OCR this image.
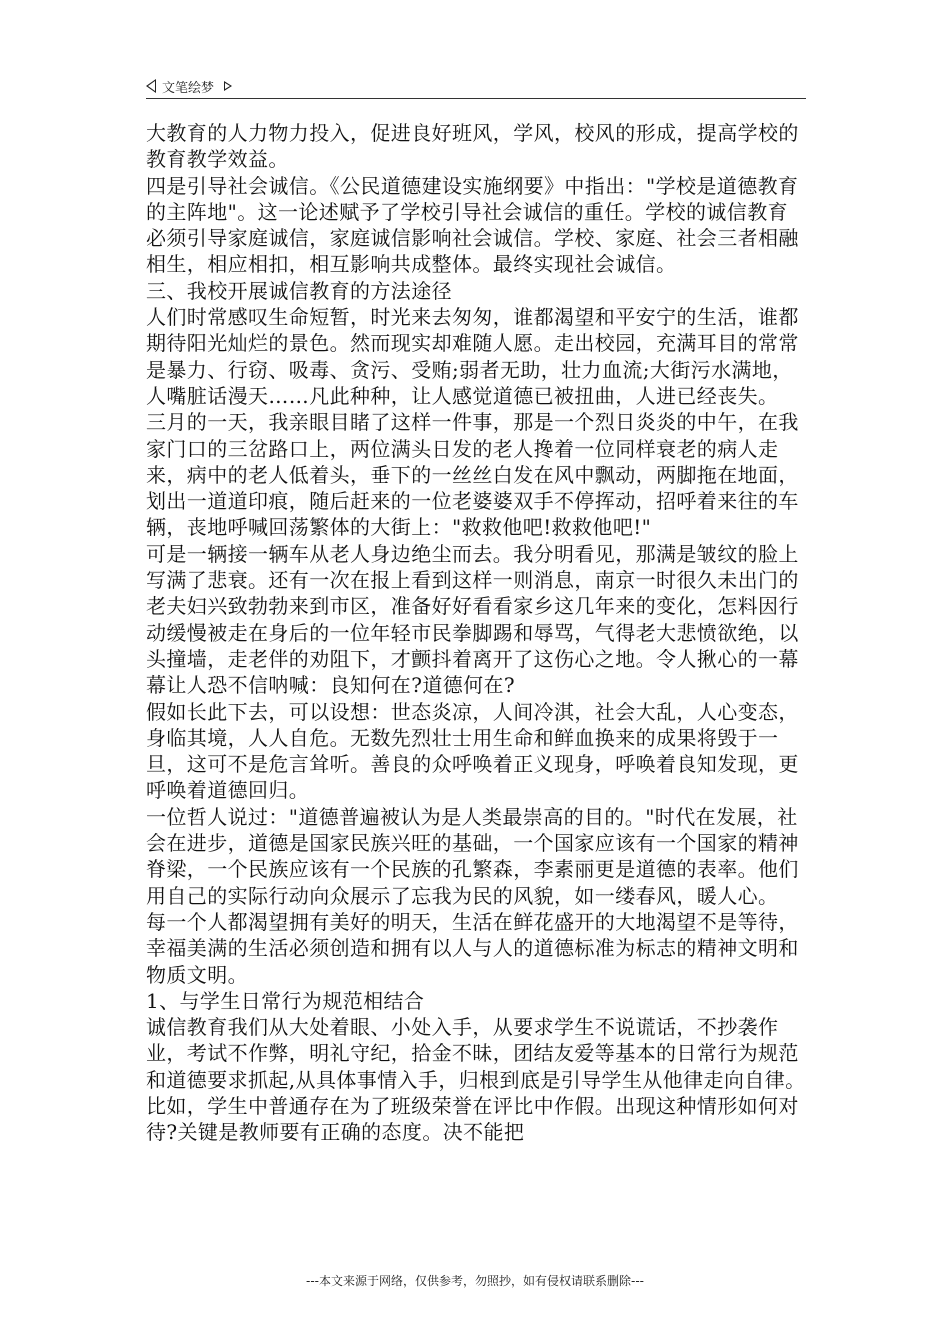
文笔绘梦

大教育的人力物力投入，促进良好班风，学风，校风的形成，提高学校的教育教学效益。

四是引导社会诚信。《公民道德建设实施纲要》中指出："学校是道德教育的主阵地"。这一论述赋予了学校引导社会诚信的重任。学校的诚信教育必须引导家庭诚信，家庭诚信影响社会诚信。学校、家庭、社会三者相融相生，相应相扣，相互影响共成整体。最终实现社会诚信。

三、我校开展诚信教育的方法途径

人们时常感叹生命短暂，时光来去匆匆，谁都渴望和平安宁的生活，谁都期待阳光灿烂的景色。然而现实却难随人愿。走出校园，充满耳目的常常是暴力、行窃、吸毒、贪污、受贿;弱者无助，壮力血流;大街污水满地，人嘴脏话漫天……凡此种种，让人感觉道德已被扭曲，人进已经丧失。

三月的一天，我亲眼目睹了这样一件事，那是一个烈日炎炎的中午，在我家门口的三岔路口上，两位满头日发的老人搀着一位同样衰老的病人走来，病中的老人低着头，垂下的一丝丝白发在风中飘动，两脚拖在地面，划出一道道印痕，随后赶来的一位老婆婆双手不停挥动，招呼着来往的车辆，丧地呼喊回荡繁体的大街上："救救他吧!救救他吧!"

可是一辆接一辆车从老人身边绝尘而去。我分明看见，那满是皱纹的脸上写满了悲衰。还有一次在报上看到这样一则消息，南京一时很久未出门的老夫妇兴致勃勃来到市区，准备好好看看家乡这几年来的变化，怎料因行动缓慢被走在身后的一位年轻市民拳脚踢和辱骂，气得老大悲愤欲绝，以头撞墙，走老伴的劝阻下，才颤抖着离开了这伤心之地。令人揪心的一幕幕让人恐不信呐喊：良知何在?道德何在?

假如长此下去，可以设想：世态炎凉，人间冷淇，社会大乱，人心变态，身临其境，人人自危。无数先烈壮士用生命和鲜血换来的成果将毁于一旦，这可不是危言耸听。善良的众呼唤着正义现身，呼唤着良知发现，更呼唤着道德回归。

一位哲人说过："道德普遍被认为是人类最崇高的目的。"时代在发展，社会在进步，道德是国家民族兴旺的基础，一个国家应该有一个国家的精神脊梁，一个民族应该有一个民族的孔繁森，李素丽更是道德的表率。他们用自己的实际行动向众展示了忘我为民的风貌，如一缕春风，暖人心。

每一个人都渴望拥有美好的明天，生活在鲜花盛开的大地渴望不是等待，幸福美满的生活必须创造和拥有以人与人的道德标准为标志的精神文明和物质文明。

1、与学生日常行为规范相结合

诚信教育我们从大处着眼、小处入手，从要求学生不说谎话，不抄袭作业，考试不作弊，明礼守纪，拾金不昧，团结友爱等基本的日常行为规范和道德要求抓起,从具体事情入手，归根到底是引导学生从他律走向自律。比如，学生中普通存在为了班级荣誉在评比中作假。出现这种情形如何对待?关键是教师要有正确的态度。决不能把

---本文来源于网络，仅供参考，勿照抄，如有侵权请联系删除---
